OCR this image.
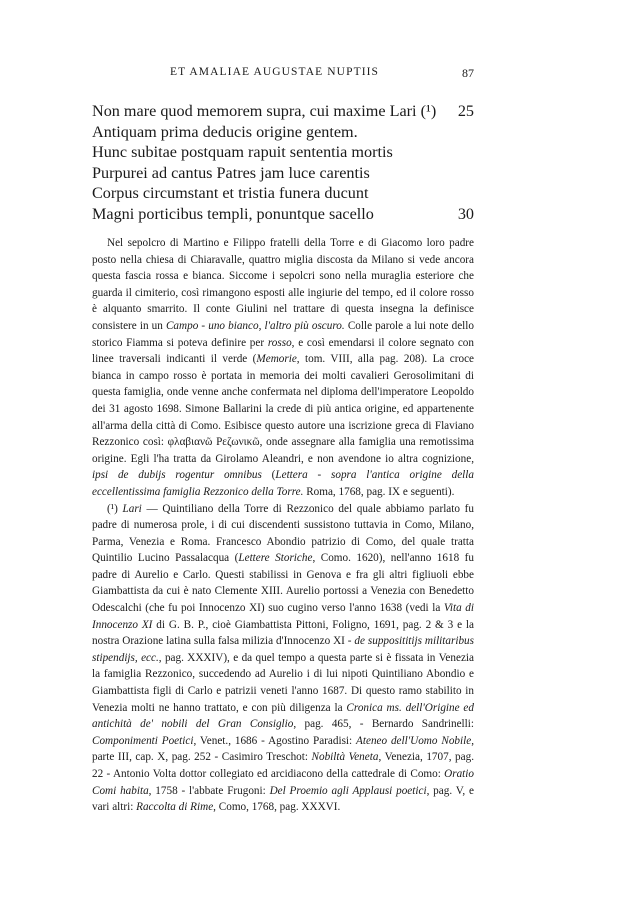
ET AMALIAE AUGUSTAE NUPTIIS	87
Non mare quod memorem supra, cui maxime Lari (¹) 25
Antiquam prima deducis origine gentem.
Hunc subitae postquam rapuit sententia mortis
Purpurei ad cantus Patres jam luce carentis
Corpus circumstant et tristia funera ducunt
Magni porticibus templi, ponuntque sacello	30

Nel sepolcro di Martino e Filippo fratelli della Torre e di Giacomo loro padre posto nella chiesa di Chiaravalle, quattro miglia discosta da Milano si vede ancora questa fascia rossa e bianca. Siccome i sepolcri sono nella muraglia esteriore che guarda il cimiterio, così rimangono esposti alle ingiurie del tempo, ed il colore rosso è alquanto smarrito. Il conte Giulini nel trattare di questa insegna la definisce consistere in un Campo - uno bianco, l'altro più oscuro. Colle parole a lui note dello storico Fiamma si poteva definire per rosso, e così emendarsi il colore segnato con linee traversali indicanti il verde (Memorie, tom. VIII, alla pag. 208). La croce bianca in campo rosso è portata in memoria dei molti cavalieri Gerosolimitani di questa famiglia, onde venne anche confermata nel diploma dell'imperatore Leopoldo dei 31 agosto 1698. Simone Ballarini la crede di più antica origine, ed appartenente all'arma della città di Como. Esibisce questo autore una iscrizione greca di Flaviano Rezzonico così: φλαβιανῶ Ρεζωνικῶ, onde assegnare alla famiglia una remotissima origine. Egli l'ha tratta da Girolamo Aleandri, e non avendone io altra cognizione, ipsi de dubijs rogentur omnibus (Lettera - sopra l'antica origine della eccellentissima famiglia Rezzonico della Torre. Roma, 1768, pag. IX e seguenti).

(¹) Lari — Quintiliano della Torre di Rezzonico del quale abbiamo parlato fu padre di numerosa prole, i di cui discendenti sussistono tuttavia in Como, Milano, Parma, Venezia e Roma. Francesco Abondio patrizio di Como, del quale tratta Quintilio Lucino Passalacqua (Lettere Storiche, Como. 1620), nell'anno 1618 fu padre di Aurelio e Carlo. Questi stabilissi in Genova e fra gli altri figliuoli ebbe Giambattista da cui è nato Clemente XIII. Aurelio portossi a Venezia con Benedetto Odescalchi (che fu poi Innocenzo XI) suo cugino verso l'anno 1638 (vedi la Vita di Innocenzo XI di G. B. P., cioè Giambattista Pittoni, Foligno, 1691, pag. 2 & 3 e la nostra Orazione latina sulla falsa milizia d'Innocenzo XI - de supposititijs militaribus stipendijs, ecc., pag. XXXIV), e da quel tempo a questa parte si è fissata in Venezia la famiglia Rezzonico, succedendo ad Aurelio i di lui nipoti Quintiliano Abondio e Giambattista figli di Carlo e patrizii veneti l'anno 1687. Di questo ramo stabilito in Venezia molti ne hanno trattato, e con più diligenza la Cronica ms. dell'Origine ed antichità de' nobili del Gran Consiglio, pag. 465, - Bernardo Sandrinelli: Componimenti Poetici, Venet., 1686 - Agostino Paradisi: Ateneo dell'Uomo Nobile, parte III, cap. X, pag. 252 - Casimiro Treschot: Nobiltà Veneta, Venezia, 1707, pag. 22 - Antonio Volta dottor collegiato ed arcidiacono della cattedrale di Como: Oratio Comi habita, 1758 - l'abbate Frugoni: Del Proemio agli Applausi poetici, pag. V, e vari altri: Raccolta di Rime, Como, 1768, pag. XXXVI.
